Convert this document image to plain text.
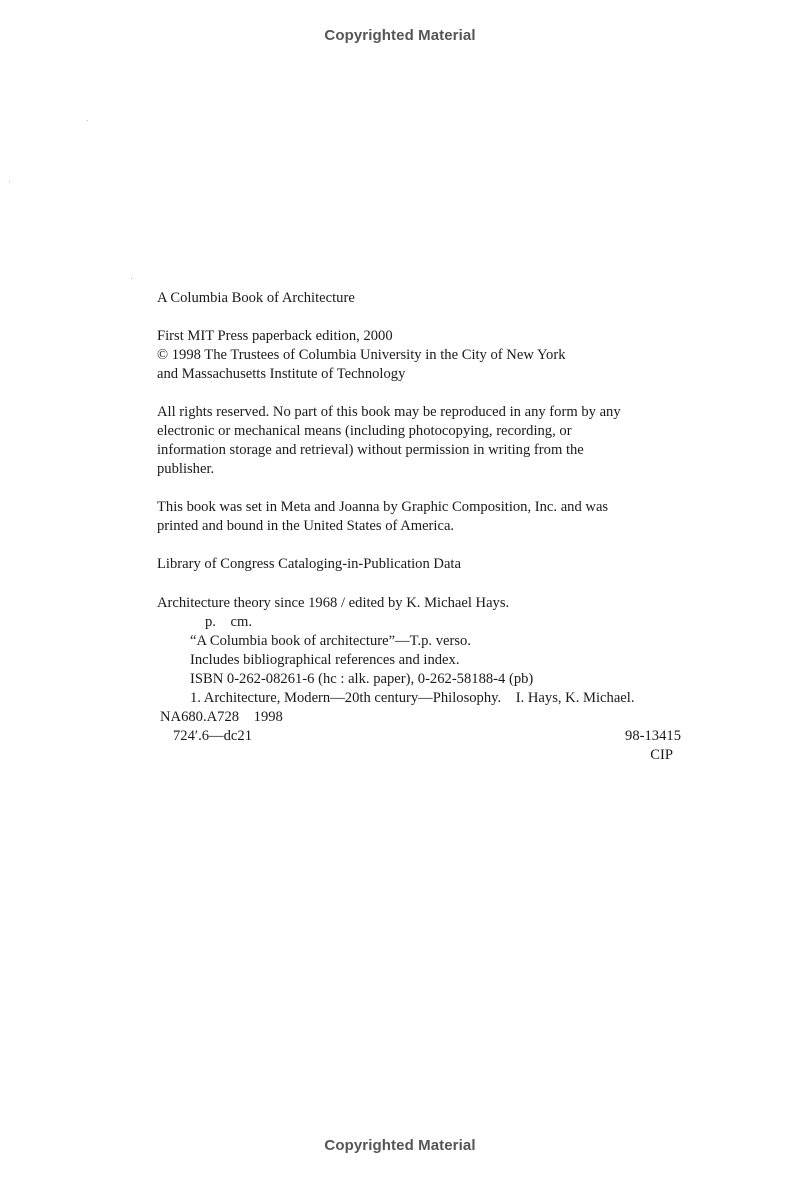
Copyrighted Material
A Columbia Book of Architecture
First MIT Press paperback edition, 2000
© 1998 The Trustees of Columbia University in the City of New York
and Massachusetts Institute of Technology
All rights reserved. No part of this book may be reproduced in any form by any
electronic or mechanical means (including photocopying, recording, or
information storage and retrieval) without permission in writing from the
publisher.
This book was set in Meta and Joanna by Graphic Composition, Inc. and was
printed and bound in the United States of America.
Library of Congress Cataloging-in-Publication Data
Architecture theory since 1968 / edited by K. Michael Hays.
p.    cm.
“A Columbia book of architecture”—T.p. verso.
Includes bibliographical references and index.
ISBN 0-262-08261-6 (hc : alk. paper), 0-262-58188-4 (pb)
1. Architecture, Modern—20th century—Philosophy.    I. Hays, K. Michael.
NA680.A728    1998
724′.6—dc21	98-13415
CIP
Copyrighted Material
